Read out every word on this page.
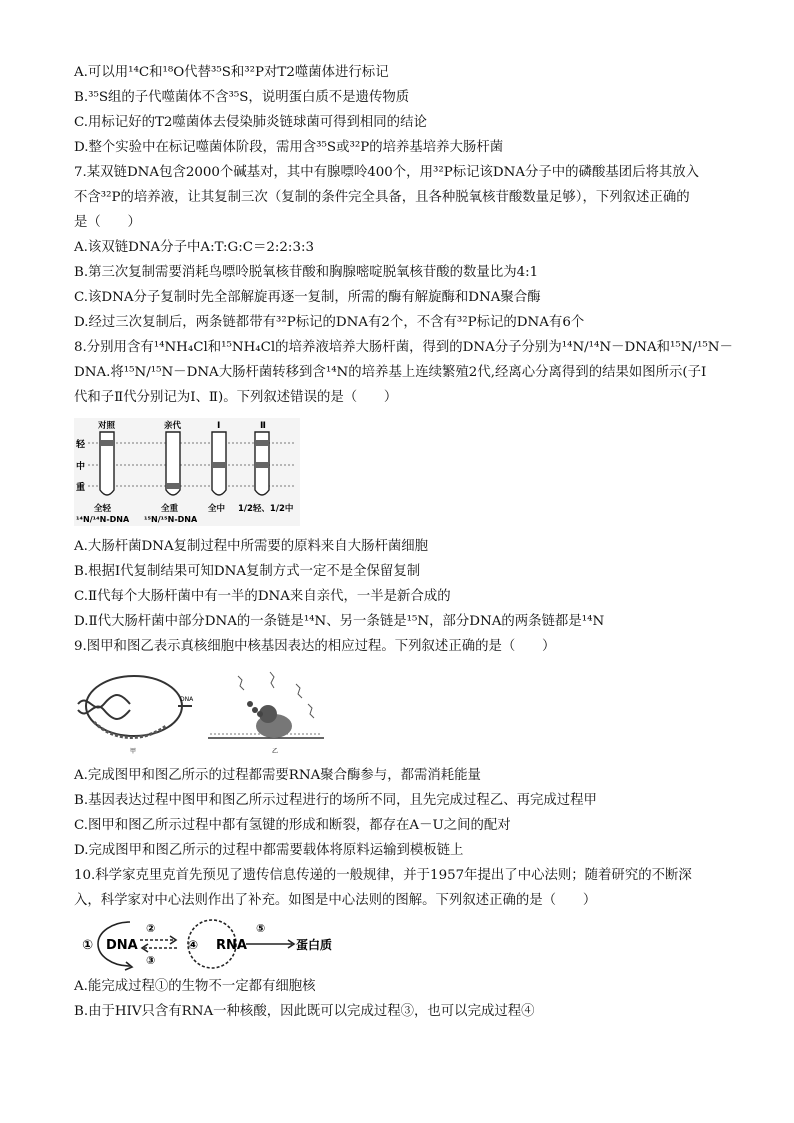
A.可以用¹⁴C和¹⁸O代替³⁵S和³²P对T2噬菌体进行标记
B.³⁵S组的子代噬菌体不含³⁵S，说明蛋白质不是遗传物质
C.用标记好的T2噬菌体去侵染肺炎链球菌可得到相同的结论
D.整个实验中在标记噬菌体阶段，需用含³⁵S或³²P的培养基培养大肠杆菌
7.某双链DNA包含2000个碱基对，其中有腺嘌呤400个，用³²P标记该DNA分子中的磷酸基团后将其放入
不含³²P的培养液，让其复制三次（复制的条件完全具备，且各种脱氧核苷酸数量足够），下列叙述正确的
是（　　）
A.该双链DNA分子中A:T:G:C＝2:2:3:3
B.第三次复制需要消耗鸟嘌呤脱氧核苷酸和胸腺嘧啶脱氧核苷酸的数量比为4:1
C.该DNA分子复制时先全部解旋再逐一复制，所需的酶有解旋酶和DNA聚合酶
D.经过三次复制后，两条链都带有³²P标记的DNA有2个，不含有³²P标记的DNA有6个
8.分别用含有¹⁴NH₄Cl和¹⁵NH₄Cl的培养液培养大肠杆菌，得到的DNA分子分别为¹⁴N/¹⁴N－DNA和¹⁵N/¹⁵N－
DNA.将¹⁵N/¹⁵N－DNA大肠杆菌转移到含¹⁴N的培养基上连续繁殖2代,经离心分离得到的结果如图所示(子Ⅰ
代和子Ⅱ代分别记为Ⅰ、Ⅱ)。下列叙述错误的是（　　）
轻
中
重
对照
全轻
¹⁴N/¹⁴N-DNA
亲代
全重
¹⁵N/¹⁵N-DNA
Ⅰ
全中
Ⅱ
1/2轻、1/2中
A.大肠杆菌DNA复制过程中所需要的原料来自大肠杆菌细胞
B.根据Ⅰ代复制结果可知DNA复制方式一定不是全保留复制
C.Ⅱ代每个大肠杆菌中有一半的DNA来自亲代，一半是新合成的
D.Ⅱ代大肠杆菌中部分DNA的一条链是¹⁴N、另一条链是¹⁵N，部分DNA的两条链都是¹⁴N
9.图甲和图乙表示真核细胞中核基因表达的相应过程。下列叙述正确的是（　　）
DNA
甲	乙
A.完成图甲和图乙所示的过程都需要RNA聚合酶参与，都需消耗能量
B.基因表达过程中图甲和图乙所示过程进行的场所不同，且先完成过程乙、再完成过程甲
C.图甲和图乙所示过程中都有氢键的形成和断裂，都存在A－U之间的配对
D.完成图甲和图乙所示的过程中都需要载体将原料运输到模板链上
10.科学家克里克首先预见了遗传信息传递的一般规律，并于1957年提出了中心法则；随着研究的不断深
入，科学家对中心法则作出了补充。如图是中心法则的图解。下列叙述正确的是（　　）
① DNA
②
③
④ RNA
⑤
蛋白质
A.能完成过程①的生物不一定都有细胞核
B.由于HIV只含有RNA一种核酸，因此既可以完成过程③，也可以完成过程④
